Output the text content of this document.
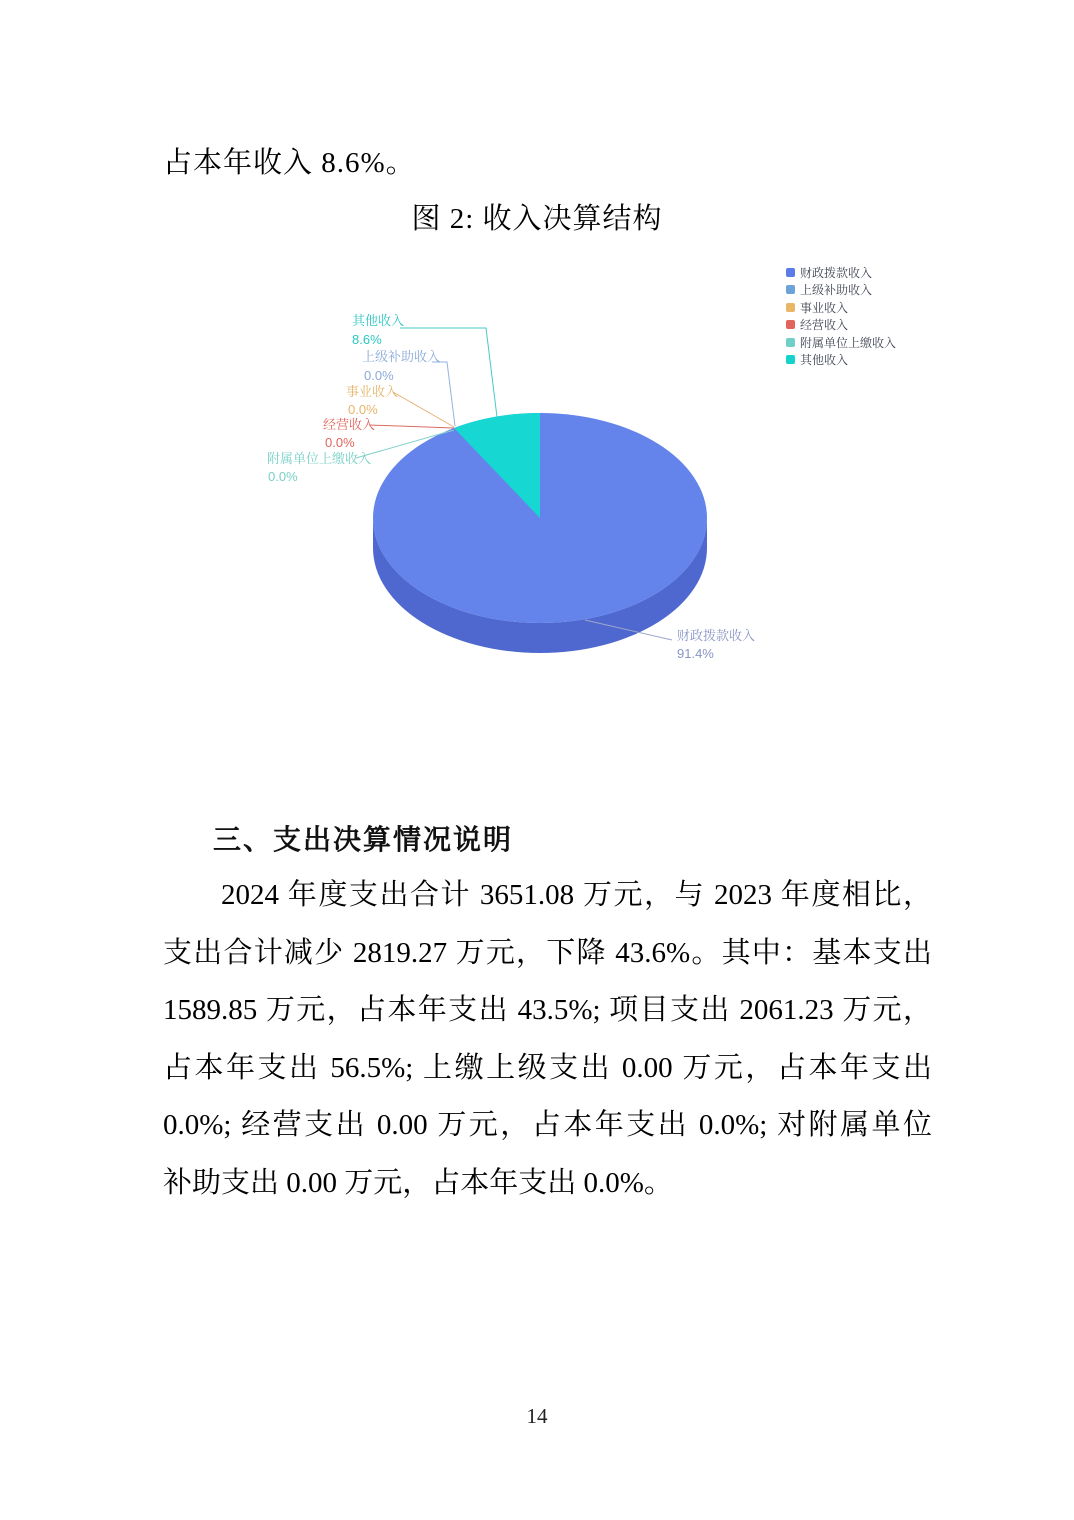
占本年收入 8.6%。
图 2: 收入决算结构
其他收入
8.6%
上级补助收入
0.0%
事业收入
0.0%
经营收入
0.0%
附属单位上缴收入
0.0%
财政拨款收入
91.4%
财政拨款收入
上级补助收入
事业收入
经营收入
附属单位上缴收入
其他收入
三、支出决算情况说明
2024 年度支出合计 3651.08 万元，与 2023 年度相比，
支出合计减少 2819.27 万元，下降 43.6%。其中：基本支出
1589.85 万元，占本年支出 43.5%; 项目支出 2061.23 万元，
占本年支出 56.5%; 上缴上级支出 0.00 万元，占本年支出
0.0%; 经营支出 0.00 万元，占本年支出 0.0%; 对附属单位
补助支出 0.00 万元，占本年支出 0.0%。
14
